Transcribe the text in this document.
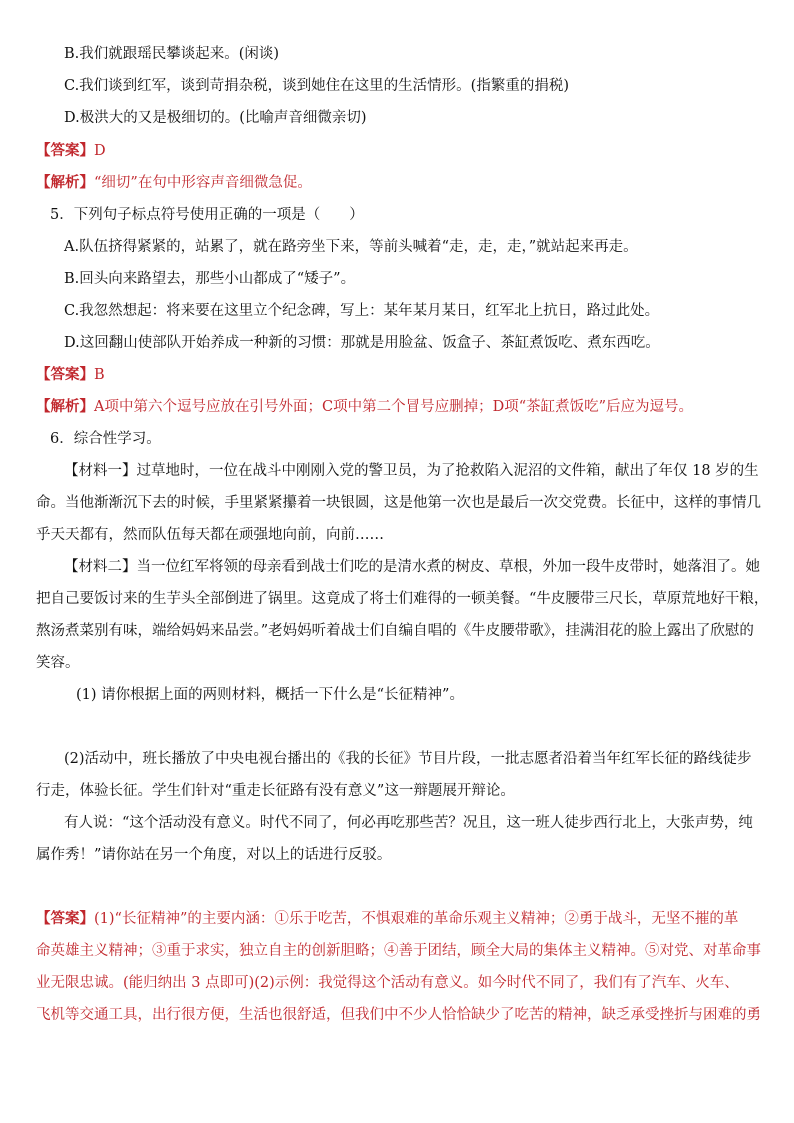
B.我们就跟瑶民攀谈起来。(闲谈)
C.我们谈到红军，谈到苛捐杂税，谈到她住在这里的生活情形。(指繁重的捐税)
D.极洪大的又是极细切的。(比喻声音细微亲切)
【答案】D
【解析】“细切”在句中形容声音细微急促。
5．下列句子标点符号使用正确的一项是（　　）
A.队伍挤得紧紧的，站累了，就在路旁坐下来，等前头喊着“走，走，走，”就站起来再走。
B.回头向来路望去，那些小山都成了“矮子”。
C.我忽然想起：将来要在这里立个纪念碑，写上：某年某月某日，红军北上抗日，路过此处。
D.这回翻山使部队开始养成一种新的习惯：那就是用脸盆、饭盒子、茶缸煮饭吃、煮东西吃。
【答案】B
【解析】A项中第六个逗号应放在引号外面；C项中第二个冒号应删掉；D项“茶缸煮饭吃”后应为逗号。
6．综合性学习。
【材料一】过草地时，一位在战斗中刚刚入党的警卫员，为了抢救陷入泥沼的文件箱，献出了年仅 18 岁的生
命。当他渐渐沉下去的时候，手里紧紧攥着一块银圆，这是他第一次也是最后一次交党费。长征中，这样的事情几
乎天天都有，然而队伍每天都在顽强地向前，向前……
【材料二】当一位红军将领的母亲看到战士们吃的是清水煮的树皮、草根，外加一段牛皮带时，她落泪了。她
把自己要饭讨来的生芋头全部倒进了锅里。这竟成了将士们难得的一顿美餐。“牛皮腰带三尺长，草原荒地好干粮，
熬汤煮菜别有味，端给妈妈来品尝。”老妈妈听着战士们自编自唱的《牛皮腰带歌》，挂满泪花的脸上露出了欣慰的
笑容。
(1) 请你根据上面的两则材料，概括一下什么是“长征精神”。
(2)活动中，班长播放了中央电视台播出的《我的长征》节目片段，一批志愿者沿着当年红军长征的路线徒步
行走，体验长征。学生们针对“重走长征路有没有意义”这一辩题展开辩论。
有人说：“这个活动没有意义。时代不同了，何必再吃那些苦？况且，这一班人徒步西行北上，大张声势，纯
属作秀！”请你站在另一个角度，对以上的话进行反驳。
【答案】(1)“长征精神”的主要内涵：①乐于吃苦，不惧艰难的革命乐观主义精神；②勇于战斗，无坚不摧的革
命英雄主义精神；③重于求实，独立自主的创新胆略；④善于团结，顾全大局的集体主义精神。⑤对党、对革命事
业无限忠诚。(能归纳出 3 点即可)(2)示例：我觉得这个活动有意义。如今时代不同了，我们有了汽车、火车、
飞机等交通工具，出行很方便，生活也很舒适，但我们中不少人恰恰缺少了吃苦的精神，缺乏承受挫折与困难的勇
